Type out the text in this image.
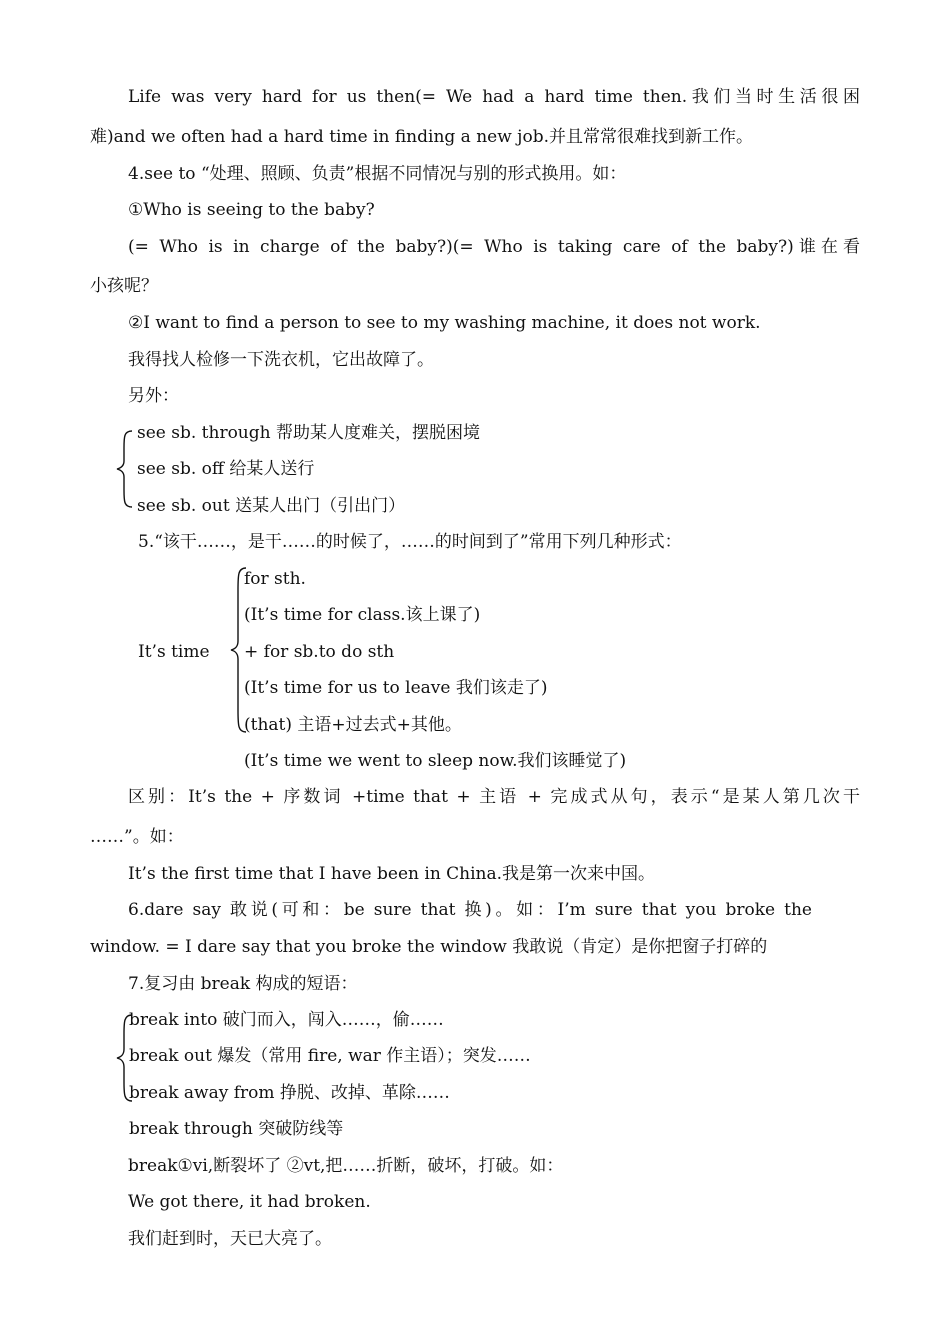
Life was very hard for us then(= We had a hard time then.我们当时生活很困
难)and we often had a hard time in finding a new job.并且常常很难找到新工作。
4.see to “处理、照顾、负责”根据不同情况与别的形式换用。如：
①Who is seeing to the baby?
(= Who is in charge of the baby?)(= Who is taking care of the baby?)谁在看
小孩呢？
②I want to find a person to see to my washing machine, it does not work.
我得找人检修一下洗衣机，它出故障了。
另外：
see sb. through 帮助某人度难关，摆脱困境
see sb. off 给某人送行
see sb. out 送某人出门（引出门）
5.“该干……，是干……的时候了，……的时间到了”常用下列几种形式：
for sth.
(It’s time for class.该上课了)
It’s time + for sb.to do sth
(It’s time for us to leave 我们该走了)
(that) 主语+过去式+其他。
(It’s time we went to sleep now.我们该睡觉了)
区别：It’s the + 序数词 +time that + 主语 + 完成式从句，表示“是某人第几次干
……”。如：
It’s the first time that I have been in China.我是第一次来中国。
6.dare say 敢说(可和：be sure that 换)。如：I’m sure that you broke the
window. = I dare say that you broke the window 我敢说（肯定）是你把窗子打碎的
7.复习由 break 构成的短语：
break into 破门而入，闯入……，偷……
break out 爆发（常用 fire, war 作主语）；突发……
break away from 挣脱、改掉、革除……
break through 突破防线等
break①vi,断裂坏了 ②vt,把……折断，破坏，打破。如：
We got there, it had broken.
我们赶到时，天已大亮了。
